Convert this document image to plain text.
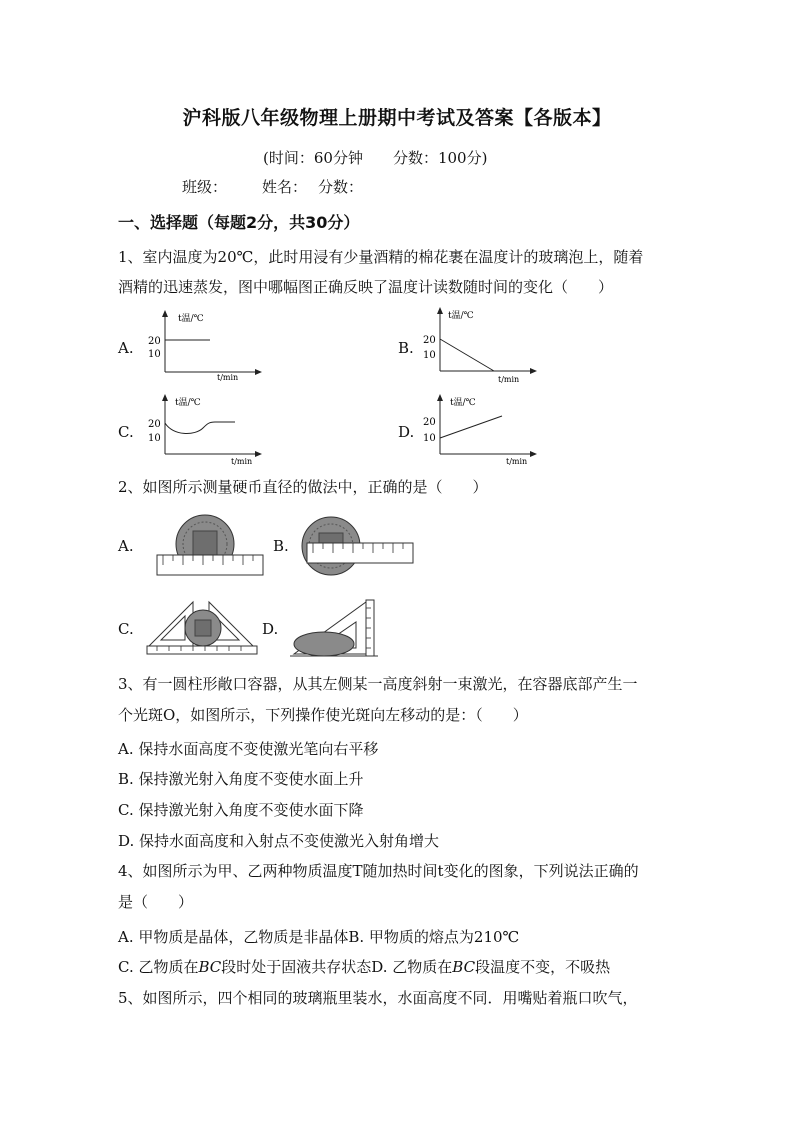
沪科版八年级物理上册期中考试及答案【各版本】
(时间：60分钟　　分数：100分)
班级： 姓名： 分数：
一、选择题（每题2分，共30分）
1、室内温度为20℃，此时用浸有少量酒精的棉花裹在温度计的玻璃泡上，随着
酒精的迅速蒸发，图中哪幅图正确反映了温度计读数随时间的变化（　　）
A.	B.
C.	D.
t温/℃
20
10
t/min
t温/℃
20
10
t/min
t温/℃
20
10
t/min
t温/℃
20
10
t/min
2、如图所示测量硬币直径的做法中，正确的是（　　）
A.	B.
C.	D.
3、有一圆柱形敞口容器，从其左侧某一高度斜射一束激光，在容器底部产生一
个光斑O，如图所示，下列操作使光斑向左移动的是：（　　）
A. 保持水面高度不变使激光笔向右平移
B. 保持激光射入角度不变使水面上升
C. 保持激光射入角度不变使水面下降
D. 保持水面高度和入射点不变使激光入射角增大
4、如图所示为甲、乙两种物质温度T随加热时间t变化的图象，下列说法正确的
是（　　）
A. 甲物质是晶体，乙物质是非晶体B. 甲物质的熔点为210℃
C. 乙物质在BC段时处于固液共存状态D. 乙物质在BC段温度不变，不吸热
5、如图所示，四个相同的玻璃瓶里装水，水面高度不同．用嘴贴着瓶口吹气，
